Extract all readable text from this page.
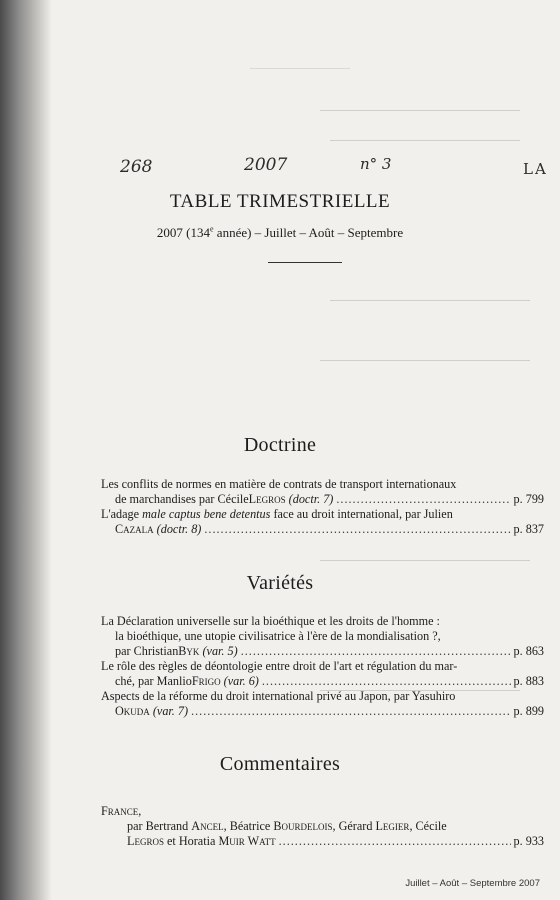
268	2007	n° 3	LA
TABLE TRIMESTRIELLE
2007 (134e année) – Juillet – Août – Septembre
Doctrine
Les conflits de normes en matière de contrats de transport internationaux
de marchandises par Cécile Legros
(doctr. 7) .....	p. 799
L'adage male captus bene detentus face au droit international, par Julien
Cazala
(doctr. 8) .....	p. 837
Variétés
La Déclaration universelle sur la bioéthique et les droits de l'homme :
la bioéthique, une utopie civilisatrice à l'ère de la mondialisation ?,
par Christian Byk
(var. 5) .....	p. 863
Le rôle des règles de déontologie entre droit de l'art et régulation du mar-
ché, par Manlio Frigo
(var. 6) .....	p. 883
Aspects de la réforme du droit international privé au Japon, par Yasuhiro
Okuda
(var. 7) .....	p. 899
Commentaires
France,
par Bertrand Ancel, Béatrice Bourdelois, Gérard Legier, Cécile
Legros et Horatia Muir Watt .....	p. 933
Juillet – Août – Septembre 2007
